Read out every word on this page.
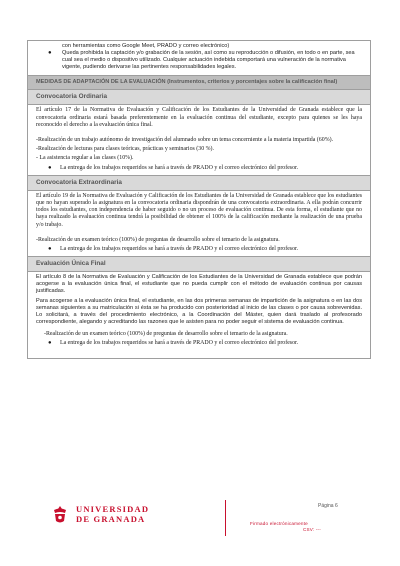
con herramientas como Google Meet, PRADO y correo electrónico)
●	Queda prohibida la captación y/o grabación de la sesión, así como su reproducción o difusión, en todo o en parte, sea cual sea el medio o dispositivo utilizado. Cualquier actuación indebida comportará una vulneración de la normativa vigente, pudiendo derivarse las pertinentes responsabilidades legales.
MEDIDAS DE ADAPTACIÓN DE LA EVALUACIÓN (Instrumentos, criterios y porcentajes sobre la calificación final)
Convocatoria Ordinaria

El artículo 17 de la Normativa de Evaluación y Calificación de los Estudiantes de la Universidad de Granada establece que la convocatoria ordinaria estará basada preferentemente en la evaluación continua del estudiante, excepto para quienes se les haya reconocido el derecho a la evaluación única final.

-Realización de un trabajo autónomo de investigación del alumnado sobre un tema concerniente a la materia impartida (60%).

-Realización de lecturas para clases teóricas, prácticas y seminarios (30 %).

- La asistencia regular a las clases (10%).

●	La entrega de los trabajos requeridos se hará a través de PRADO y el correo electrónico del profesor.
Convocatoria Extraordinaria

El artículo 19 de la Normativa de Evaluación y Calificación de los Estudiantes de la Universidad de Granada establece que los estudiantes que no hayan superado la asignatura en la convocatoria ordinaria dispondrán de una convocatoria extraordinaria. A ella podrán concurrir todos los estudiantes, con independencia de haber seguido o no un proceso de evaluación continua. De esta forma, el estudiante que no haya realizado la evaluación continua tendrá la posibilidad de obtener el 100% de la calificación mediante la realización de una prueba y/o trabajo.

-Realización de un examen teórico (100%) de preguntas de desarrollo sobre el temario de la asignatura.

●	La entrega de los trabajos requeridos se hará a través de PRADO y el correo electrónico del profesor.
Evaluación Única Final

El artículo 8 de la Normativa de Evaluación y Calificación de los Estudiantes de la Universidad de Granada establece que podrán acogerse a la evaluación única final, el estudiante que no pueda cumplir con el método de evaluación continua por causas justificadas.

Para acogerse a la evaluación única final, el estudiante, en las dos primeras semanas de impartición de la asignatura o en las dos semanas siguientes a su matriculación si ésta se ha producido con posterioridad al inicio de las clases o por causa sobrevenidas. Lo solicitará, a través del procedimiento electrónico, a la Coordinación del Máster, quien dará traslado al profesorado correspondiente, alegando y acreditando las razones que le asisten para no poder seguir el sistema de evaluación continua.

-Realización de un examen teórico (100%) de preguntas de desarrollo sobre el temario de la asignatura.

●	La entrega de los trabajos requeridos se hará a través de PRADO y el correo electrónico del profesor.
UNIVERSIDAD
DE GRANADA
Página 6
Firmado electrónicamente
CSV: ---
